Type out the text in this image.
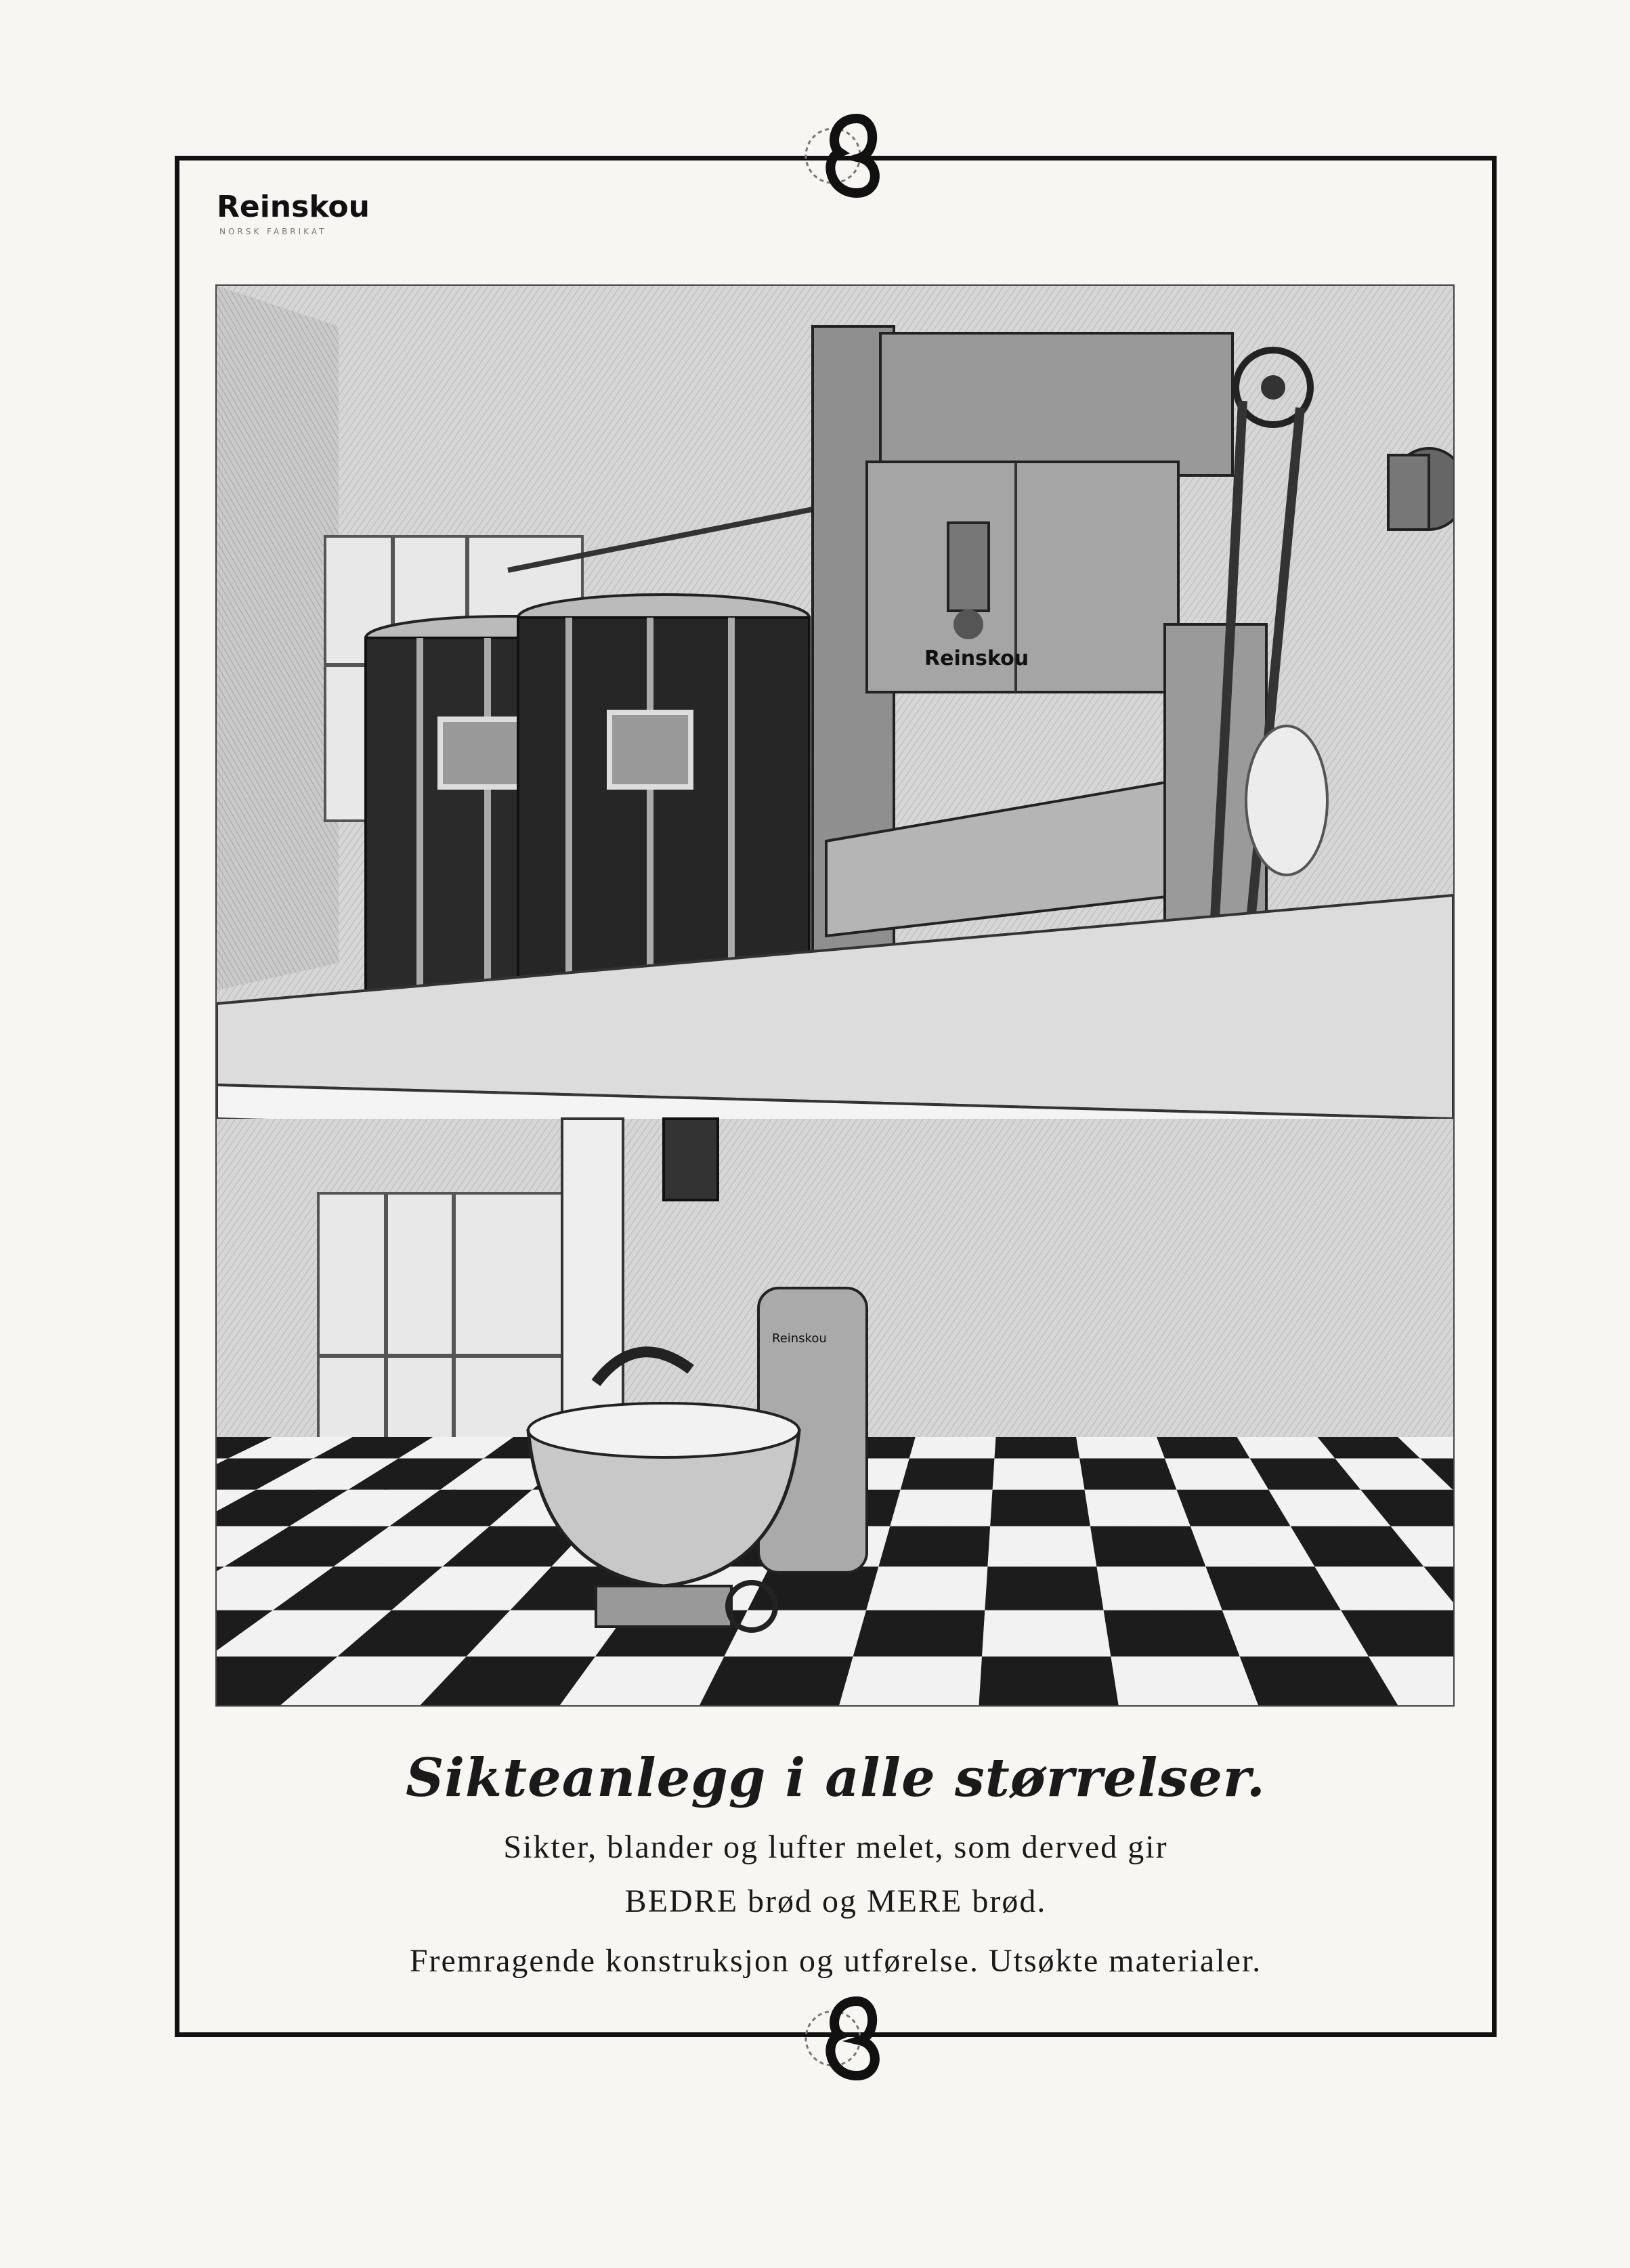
Reinskou
NORSK FABRIKAT
Reinskou
Reinskou
Sikteanlegg i alle størrelser.
Sikter, blander og lufter melet, som derved gir
BEDRE brød og MERE brød.
Fremragende konstruksjon og utførelse. Utsøkte materialer.
